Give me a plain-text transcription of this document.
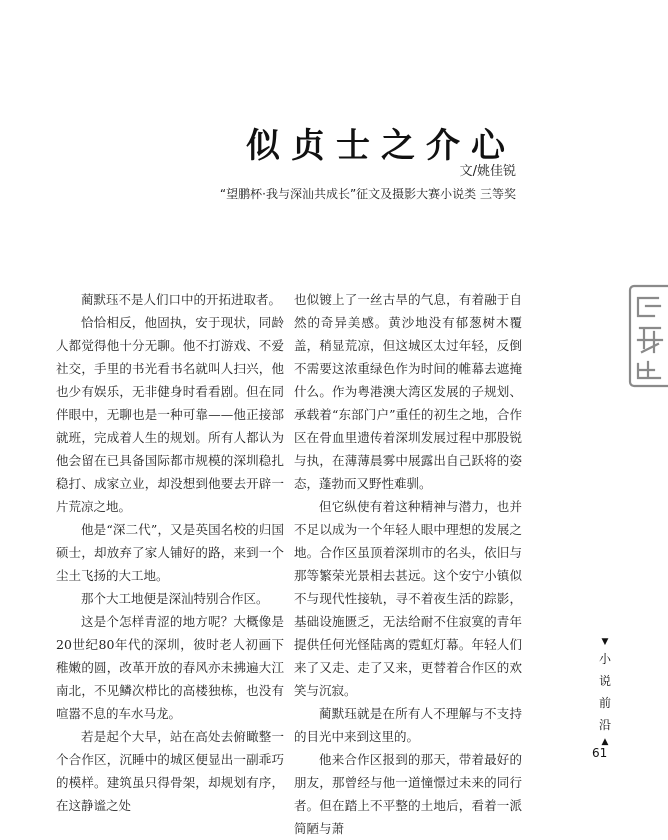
似贞士之介心
文/姚佳锐
“望鹏杯·我与深汕共成长”征文及摄影大赛小说类 三等奖

蔺默珏不是人们口中的开拓进取者。

恰恰相反，他固执，安于现状，同龄人都觉得他十分无聊。他不打游戏、不爱社交，手里的书光看书名就叫人扫兴，他也少有娱乐，无非健身时看看剧。但在同伴眼中，无聊也是一种可靠——他正接部就班，完成着人生的规划。所有人都认为他会留在已具备国际都市规模的深圳稳扎稳打、成家立业，却没想到他要去开辟一片荒凉之地。

他是“深二代”，又是英国名校的归国硕士，却放弃了家人铺好的路，来到一个尘土飞扬的大工地。

那个大工地便是深汕特别合作区。

这是个怎样青涩的地方呢？大概像是20世纪80年代的深圳，彼时老人初画下稚嫩的圆，改革开放的春风亦未拂遍大江南北，不见鳞次栉比的高楼独栋，也没有喧嚣不息的车水马龙。

若是起个大早，站在高处去俯瞰整一个合作区，沉睡中的城区便显出一副乖巧的模样。建筑虽只得骨架，却规划有序，在这静谧之处

也似镀上了一丝古旱的气息，有着融于自然的奇异美感。黄沙地没有郁葱树木覆盖，稍显荒凉，但这城区太过年轻，反倒不需要这浓重绿色作为时间的帷幕去遮掩什么。作为粤港澳大湾区发展的子规划、承载着“东部门户”重任的初生之地，合作区在骨血里遗传着深圳发展过程中那股锐与执，在薄薄晨雾中展露出自己跃将的姿态，蓬勃而又野性难驯。

但它纵使有着这种精神与潜力，也并不足以成为一个年轻人眼中理想的发展之地。合作区虽顶着深圳市的名头，依旧与那等繁荣光景相去甚远。这个安宁小镇似不与现代性接轨，寻不着夜生活的踪影，基础设施匮乏，无法给耐不住寂寞的青年提供任何光怪陆离的霓虹灯幕。年轻人们来了又走、走了又来，更替着合作区的欢笑与沉寂。

蔺默珏就是在所有人不理解与不支持的目光中来到这里的。

他来合作区报到的那天，带着最好的朋友，那曾经与他一道憧憬过未来的同行者。但在踏上不平整的土地后，看着一派简陋与萧

▼
小
说
前
沿
▲
61
